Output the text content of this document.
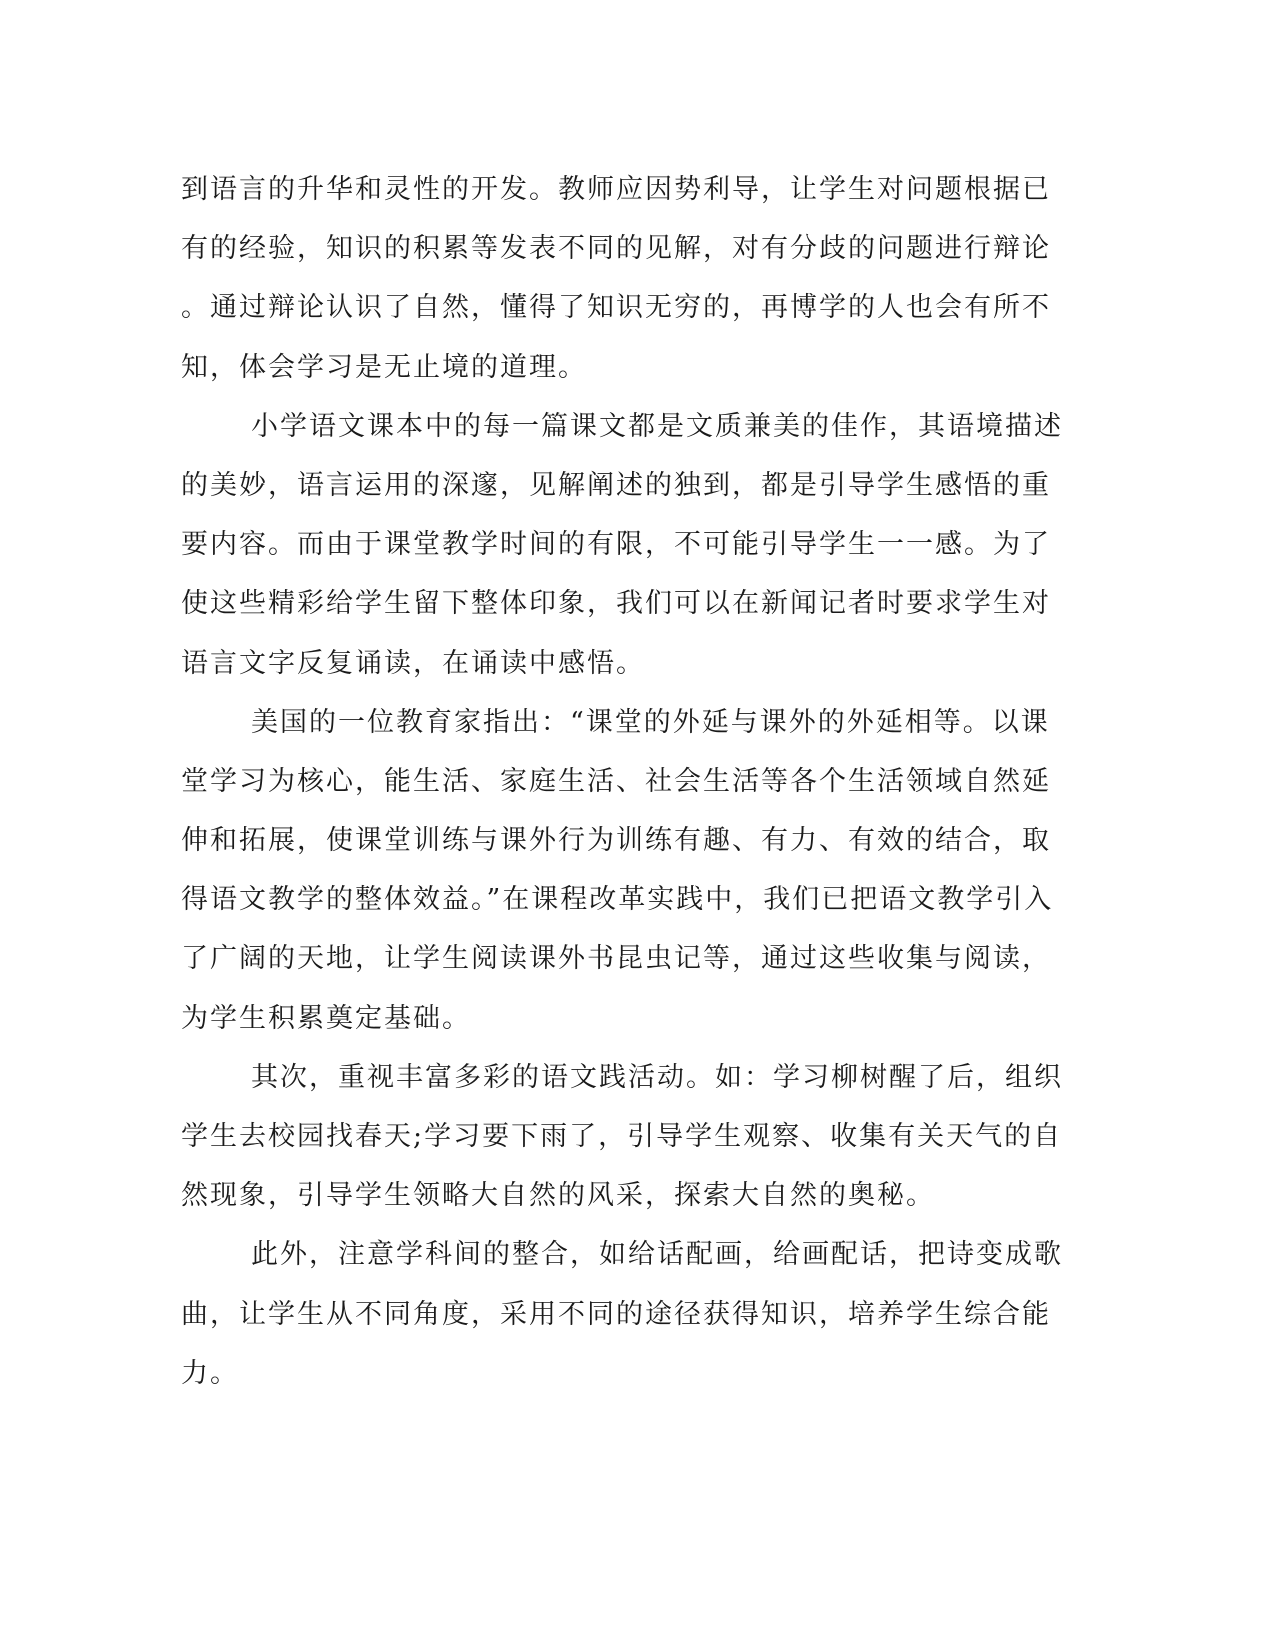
到语言的升华和灵性的开发。教师应因势利导，让学生对问题根据已
有的经验，知识的积累等发表不同的见解，对有分歧的问题进行辩论
。通过辩论认识了自然，懂得了知识无穷的，再博学的人也会有所不
知，体会学习是无止境的道理。
小学语文课本中的每一篇课文都是文质兼美的佳作，其语境描述
的美妙，语言运用的深邃，见解阐述的独到，都是引导学生感悟的重
要内容。而由于课堂教学时间的有限，不可能引导学生一一感。为了
使这些精彩给学生留下整体印象，我们可以在新闻记者时要求学生对
语言文字反复诵读，在诵读中感悟。
美国的一位教育家指出：“课堂的外延与课外的外延相等。以课
堂学习为核心，能生活、家庭生活、社会生活等各个生活领域自然延
伸和拓展，使课堂训练与课外行为训练有趣、有力、有效的结合，取
得语文教学的整体效益。”在课程改革实践中，我们已把语文教学引入
了广阔的天地，让学生阅读课外书昆虫记等，通过这些收集与阅读，
为学生积累奠定基础。
其次，重视丰富多彩的语文践活动。如：学习柳树醒了后，组织
学生去校园找春天;学习要下雨了，引导学生观察、收集有关天气的自
然现象，引导学生领略大自然的风采，探索大自然的奥秘。
此外，注意学科间的整合，如给话配画，给画配话，把诗变成歌
曲，让学生从不同角度，采用不同的途径获得知识，培养学生综合能
力。
